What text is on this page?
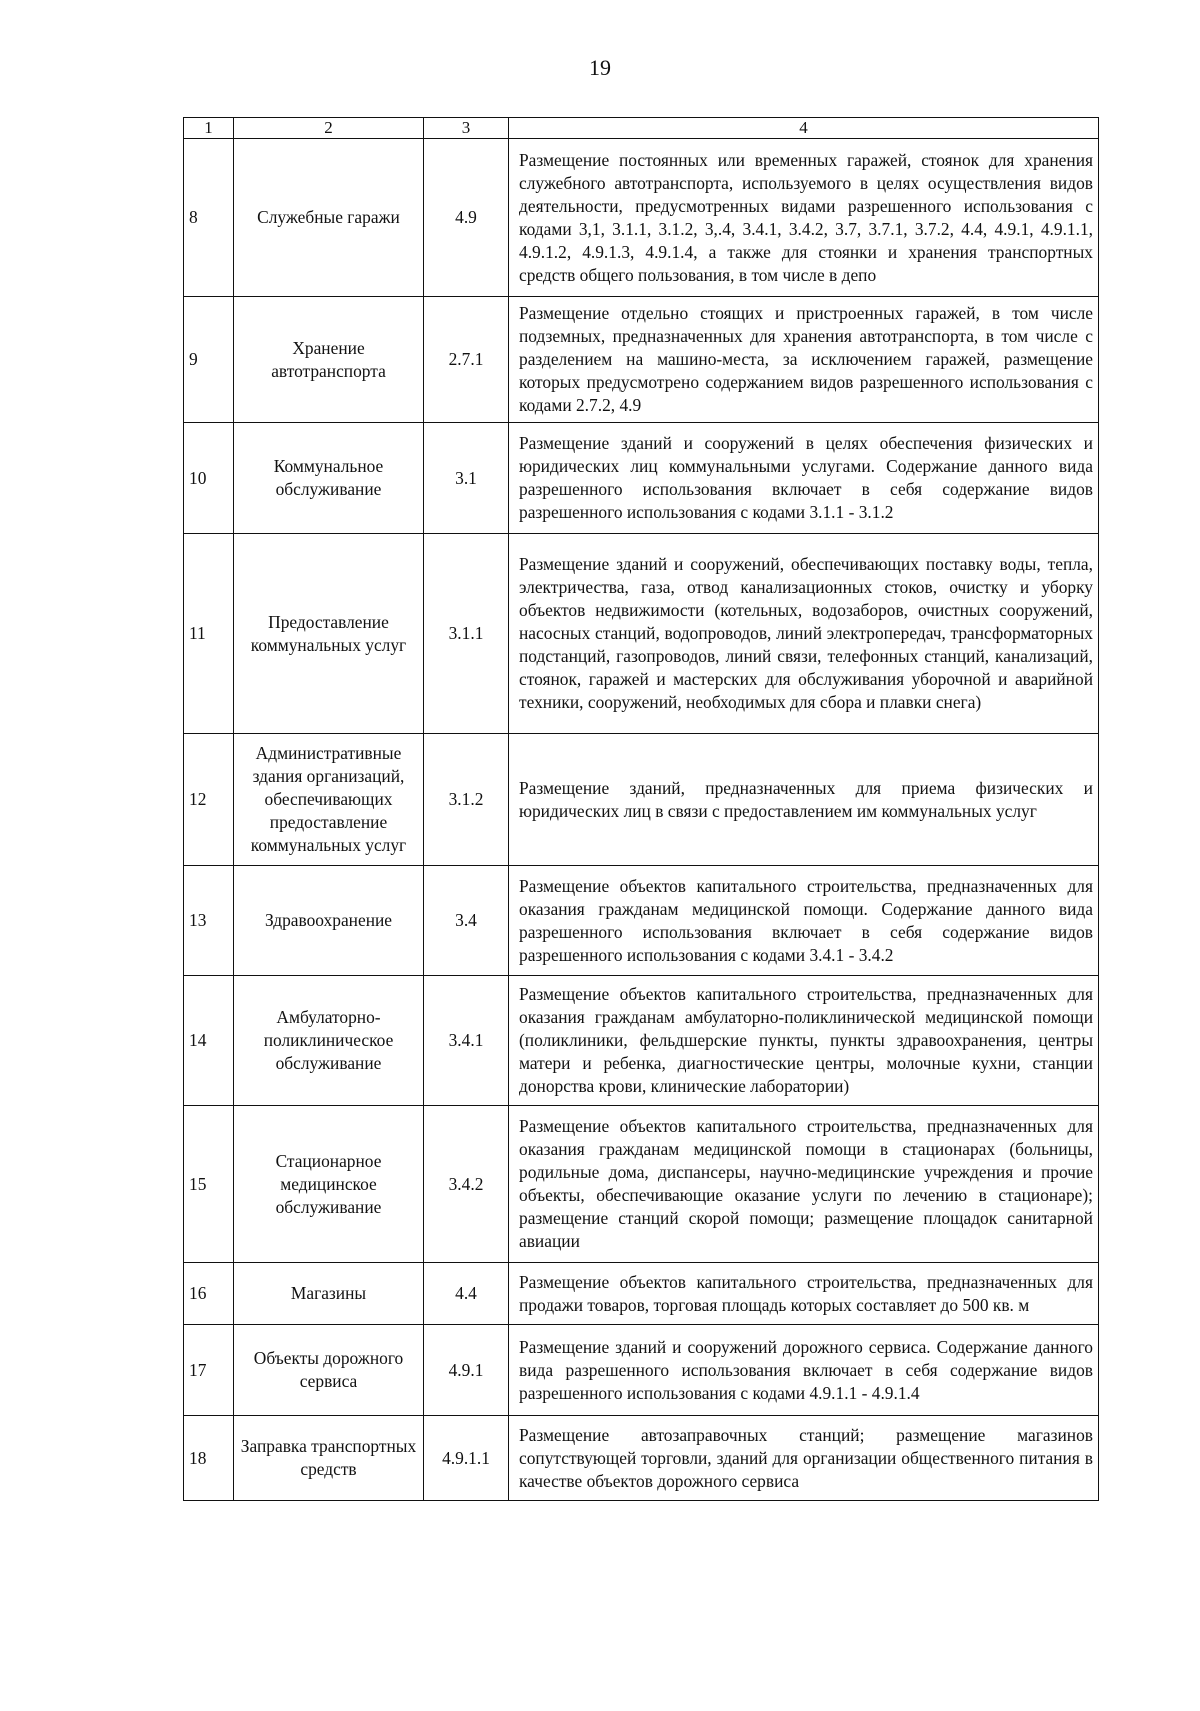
19
1	2	3	4
8	Служебные гаражи	4.9	Размещение постоянных или временных гаражей, стоянок для хранения служебного автотранспорта, используемого в целях осуществления видов деятельности, предусмотренных видами разрешенного использования с кодами 3,1, 3.1.1, 3.1.2, 3,.4, 3.4.1, 3.4.2, 3.7, 3.7.1, 3.7.2, 4.4, 4.9.1, 4.9.1.1, 4.9.1.2, 4.9.1.3, 4.9.1.4, а также для стоянки и хранения транспортных средств общего пользования, в том числе в депо
9	Хранение автотранспорта	2.7.1	Размещение отдельно стоящих и пристроенных гаражей, в том числе подземных, предназначенных для хранения автотранспорта, в том числе с разделением на машино-места, за исключением гаражей, размещение которых предусмотрено содержанием видов разрешенного использования с кодами 2.7.2, 4.9
10	Коммунальное обслуживание	3.1	Размещение зданий и сооружений в целях обеспечения физических и юридических лиц коммунальными услугами. Содержание данного вида разрешенного использования включает в себя содержание видов разрешенного использования с кодами 3.1.1 - 3.1.2
11	Предоставление коммунальных услуг	3.1.1	Размещение зданий и сооружений, обеспечивающих поставку воды, тепла, электричества, газа, отвод канализационных стоков, очистку и уборку объектов недвижимости (котельных, водозаборов, очистных сооружений, насосных станций, водопроводов, линий электропередач, трансформаторных подстанций, газопроводов, линий связи, телефонных станций, канализаций, стоянок, гаражей и мастерских для обслуживания уборочной и аварийной техники, сооружений, необходимых для сбора и плавки снега)
12	Административные здания организаций, обеспечивающих предоставление коммунальных услуг	3.1.2	Размещение зданий, предназначенных для приема физических и юридических лиц в связи с предоставлением им коммунальных услуг
13	Здравоохранение	3.4	Размещение объектов капитального строительства, предназначенных для оказания гражданам медицинской помощи. Содержание данного вида разрешенного использования включает в себя содержание видов разрешенного использования с кодами 3.4.1 - 3.4.2
14	Амбулаторно-поликлиническое обслуживание	3.4.1	Размещение объектов капитального строительства, предназначенных для оказания гражданам амбулаторно-поликлинической медицинской помощи (поликлиники, фельдшерские пункты, пункты здравоохранения, центры матери и ребенка, диагностические центры, молочные кухни, станции донорства крови, клинические лаборатории)
15	Стационарное медицинское обслуживание	3.4.2	Размещение объектов капитального строительства, предназначенных для оказания гражданам медицинской помощи в стационарах (больницы, родильные дома, диспансеры, научно-медицинские учреждения и прочие объекты, обеспечивающие оказание услуги по лечению в стационаре); размещение станций скорой помощи; размещение площадок санитарной авиации
16	Магазины	4.4	Размещение объектов капитального строительства, предназначенных для продажи товаров, торговая площадь которых составляет до 500 кв. м
17	Объекты дорожного сервиса	4.9.1	Размещение зданий и сооружений дорожного сервиса. Содержание данного вида разрешенного использования включает в себя содержание видов разрешенного использования с кодами 4.9.1.1 - 4.9.1.4
18	Заправка транспортных средств	4.9.1.1	Размещение автозаправочных станций; размещение магазинов сопутствующей торговли, зданий для организации общественного питания в качестве объектов дорожного сервиса
